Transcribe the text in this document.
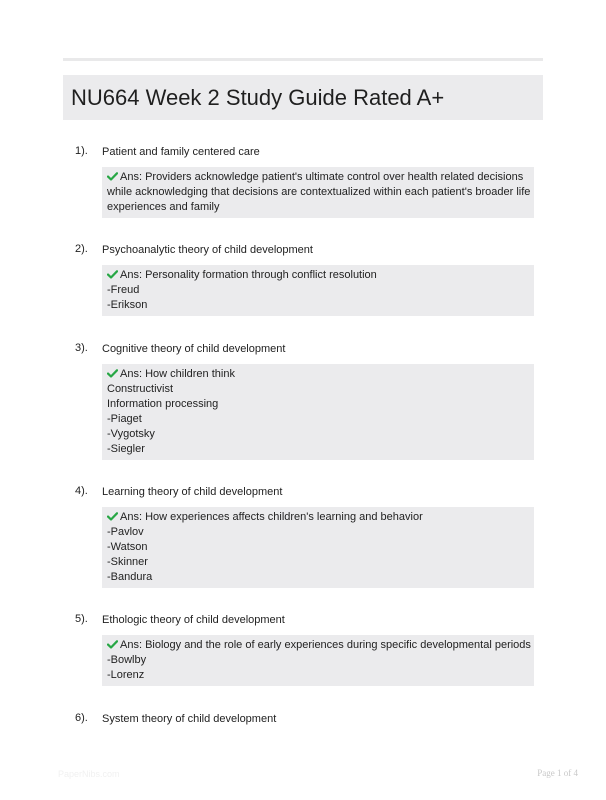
NU664 Week 2 Study Guide Rated A+
1). Patient and family centered care
Ans: Providers acknowledge patient's ultimate control over health related decisions
while acknowledging that decisions are contextualized within each patient's broader life
experiences and family
2). Psychoanalytic theory of child development
Ans: Personality formation through conflict resolution
-Freud
-Erikson
3). Cognitive theory of child development
Ans: How children think
Constructivist
Information processing
-Piaget
-Vygotsky
-Siegler
4). Learning theory of child development
Ans: How experiences affects children's learning and behavior
-Pavlov
-Watson
-Skinner
-Bandura
5). Ethologic theory of child development
Ans: Biology and the role of early experiences during specific developmental periods
-Bowlby
-Lorenz
6). System theory of child development
PaperNibs.com	Page 1 of 4
